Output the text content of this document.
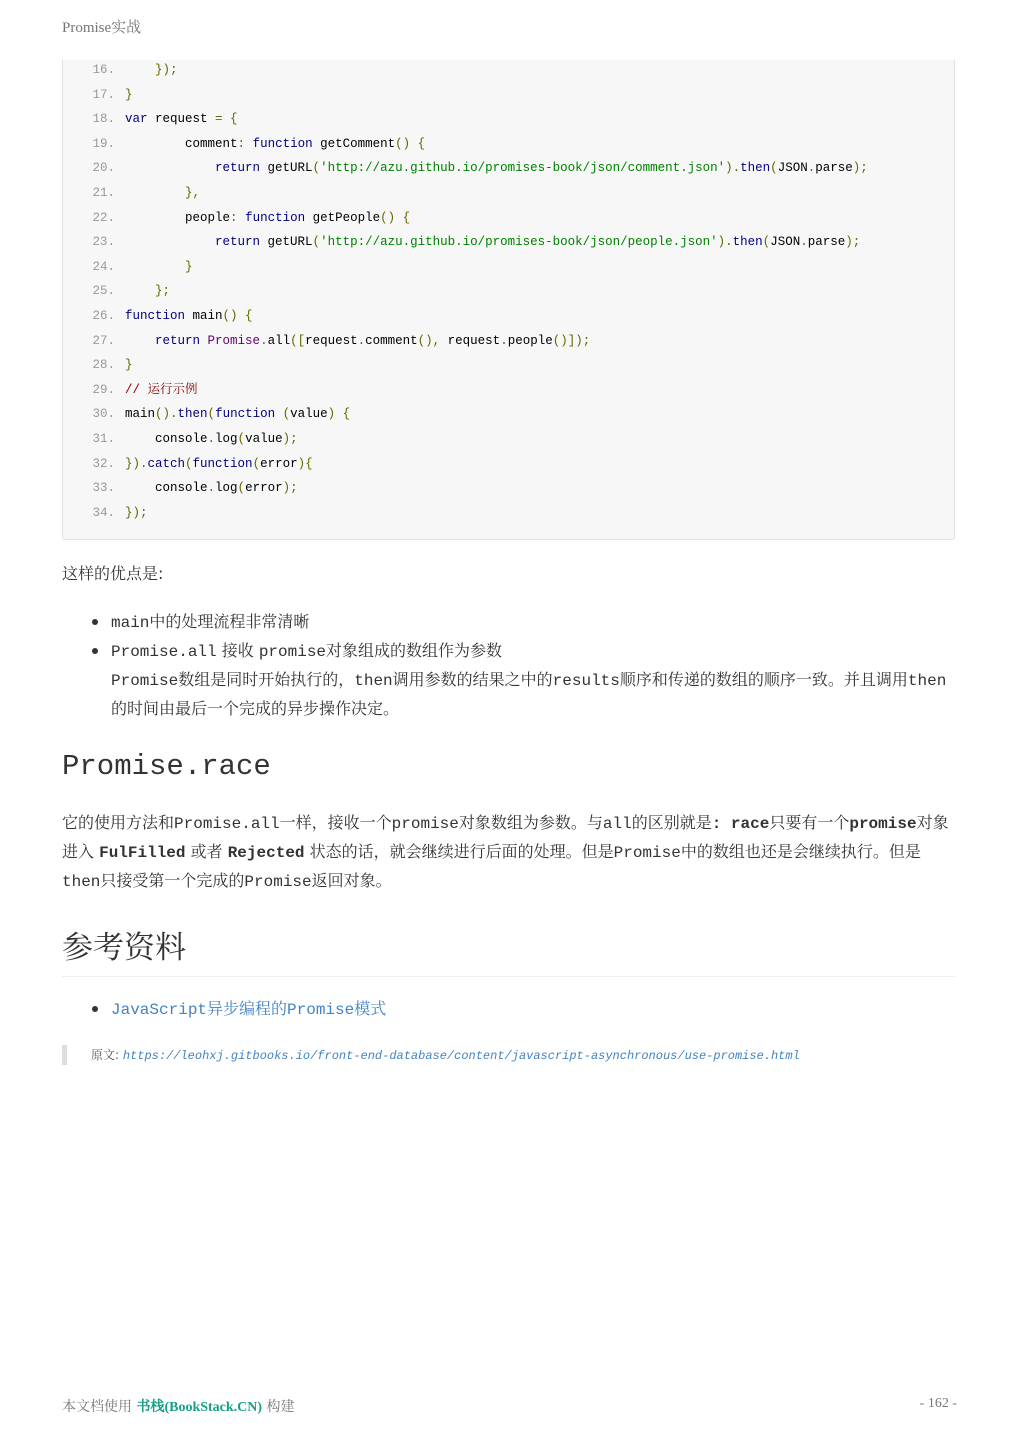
Promise实战
16.    });
17. }
18. var request = {
19.        comment: function getComment() {
20.	return getURL('http://azu.github.io/promises-book/json/comment.json').then(JSON.parse);
21.        },
22.        people: function getPeople() {
23.	return getURL('http://azu.github.io/promises-book/json/people.json').then(JSON.parse);
24.        }
25.    };
26. function main() {
27.	return Promise.all([request.comment(), request.people()]);
28. }
29. // 运行示例
30. main().then(function (value) {
31.    console.log(value);
32. }).catch(function(error){
33.    console.log(error);
34. });
这样的优点是:
main中的处理流程非常清晰
Promise.all 接收 promise对象组成的数组作为参数
Promise数组是同时开始执行的，then调用参数的结果之中的results顺序和传递的数组的顺序一致。并且调用then的时间由最后一个完成的异步操作决定。
Promise.race
它的使用方法和Promise.all一样，接收一个promise对象数组为参数。与all的区别就是: race只要有一个promise对象进入 FulFilled 或者 Rejected 状态的话，就会继续进行后面的处理。但是Promise中的数组也还是会继续执行。但是then只接受第一个完成的Promise返回对象。
参考资料
JavaScript异步编程的Promise模式
原文: https://leohxj.gitbooks.io/front-end-database/content/javascript-asynchronous/use-promise.html
本文档使用 书栈(BookStack.CN) 构建	- 162 -
